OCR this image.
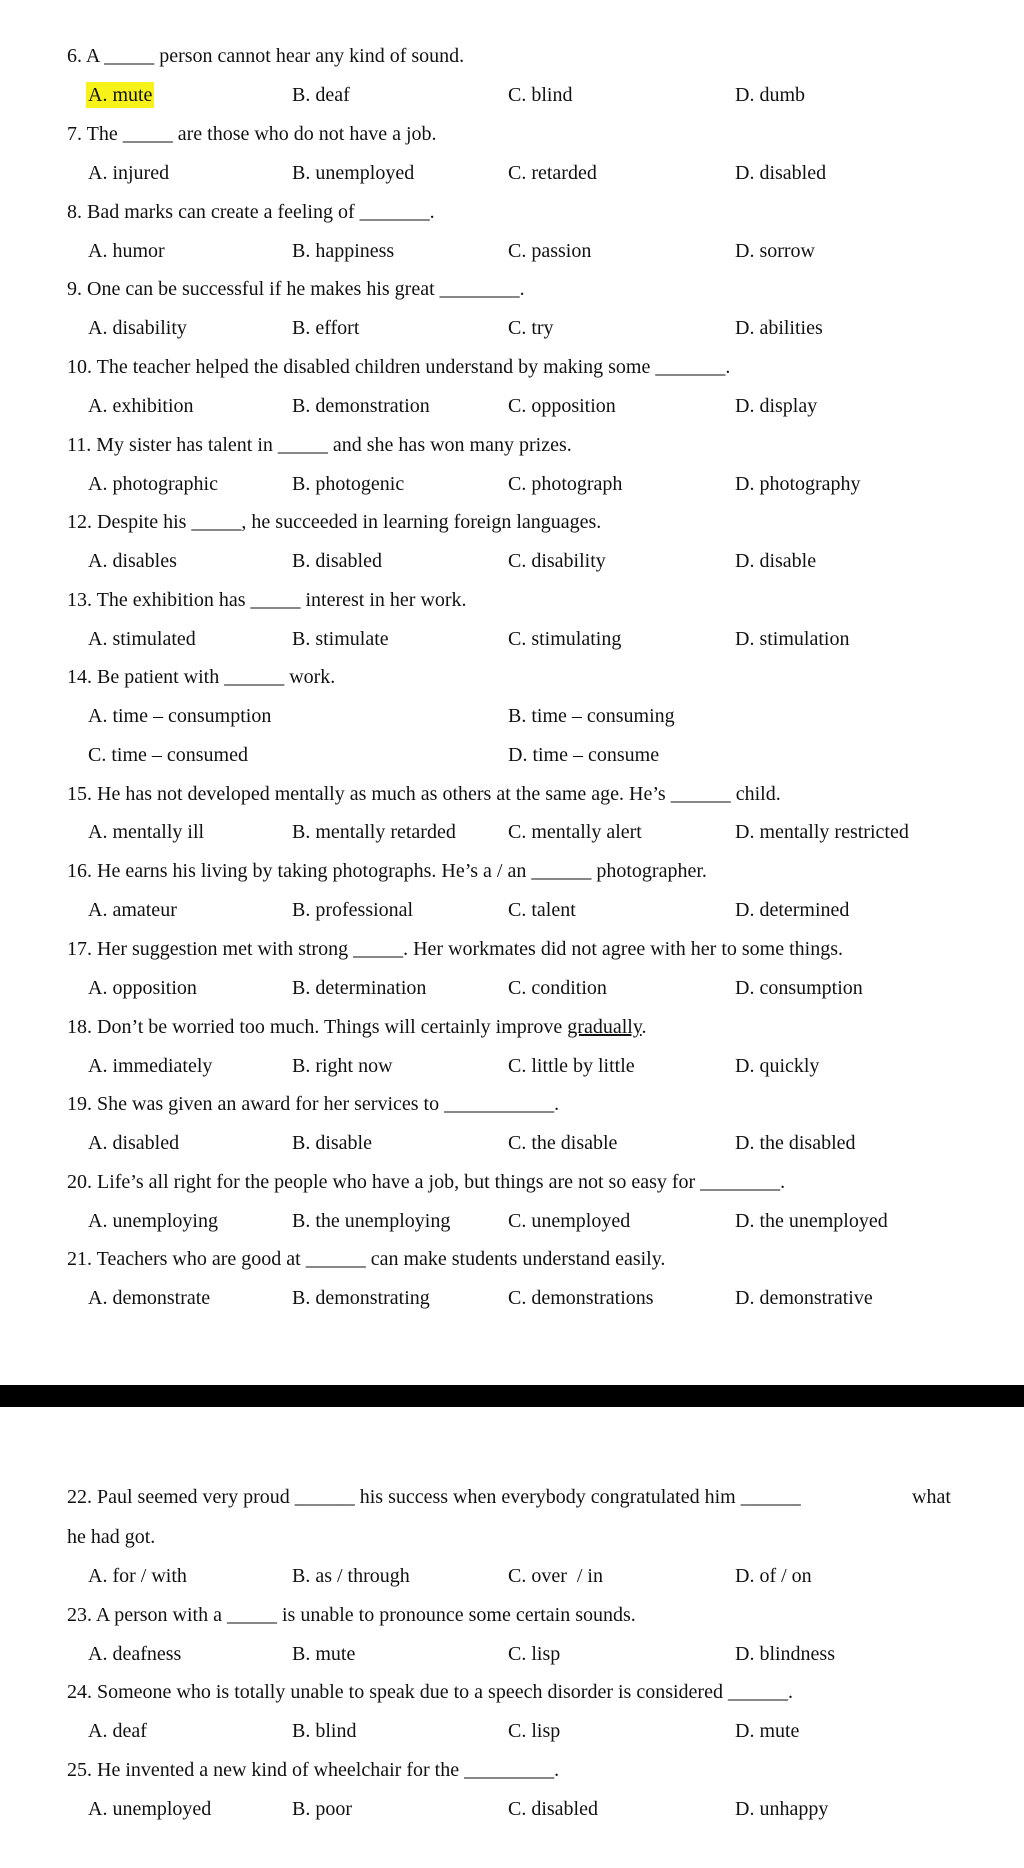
6. A _____ person cannot hear any kind of sound.
A. mute	B. deaf	C. blind	D. dumb
7. The _____ are those who do not have a job.
A. injured	B. unemployed	C. retarded	D. disabled
8. Bad marks can create a feeling of _______.
A. humor	B. happiness	C. passion	D. sorrow
9. One can be successful if he makes his great ________.
A. disability	B. effort	C. try	D. abilities
10. The teacher helped the disabled children understand by making some _______.
A. exhibition	B. demonstration	C. opposition	D. display
11. My sister has talent in _____ and she has won many prizes.
A. photographic	B. photogenic	C. photograph	D. photography
12. Despite his _____, he succeeded in learning foreign languages.
A. disables	B. disabled	C. disability	D. disable
13. The exhibition has _____ interest in her work.
A. stimulated	B. stimulate	C. stimulating	D. stimulation
14. Be patient with ______ work.
A. time – consumption	B. time – consuming
C. time – consumed	D. time – consume
15. He has not developed mentally as much as others at the same age. He’s ______ child.
A. mentally ill	B. mentally retarded	C. mentally alert	D. mentally restricted
16. He earns his living by taking photographs. He’s a / an ______ photographer.
A. amateur	B. professional	C. talent	D. determined
17. Her suggestion met with strong _____. Her workmates did not agree with her to some things.
A. opposition	B. determination	C. condition	D. consumption
18. Don’t be worried too much. Things will certainly improve gradually.
A. immediately	B. right now	C. little by little	D. quickly
19. She was given an award for her services to ___________.
A. disabled	B. disable	C. the disable	D. the disabled
20. Life’s all right for the people who have a job, but things are not so easy for ________.
A. unemploying	B. the unemploying	C. unemployed	D. the unemployed
21. Teachers who are good at ______ can make students understand easily.
A. demonstrate	B. demonstrating	C. demonstrations	D. demonstrative
22. Paul seemed very proud ______ his success when everybody congratulated him ______	what
he had got.
A. for / with	B. as / through	C. over  / in	D. of / on
23. A person with a _____ is unable to pronounce some certain sounds.
A. deafness	B. mute	C. lisp	D. blindness
24. Someone who is totally unable to speak due to a speech disorder is considered ______.
A. deaf	B. blind	C. lisp	D. mute
25. He invented a new kind of wheelchair for the _________.
A. unemployed	B. poor	C. disabled	D. unhappy
